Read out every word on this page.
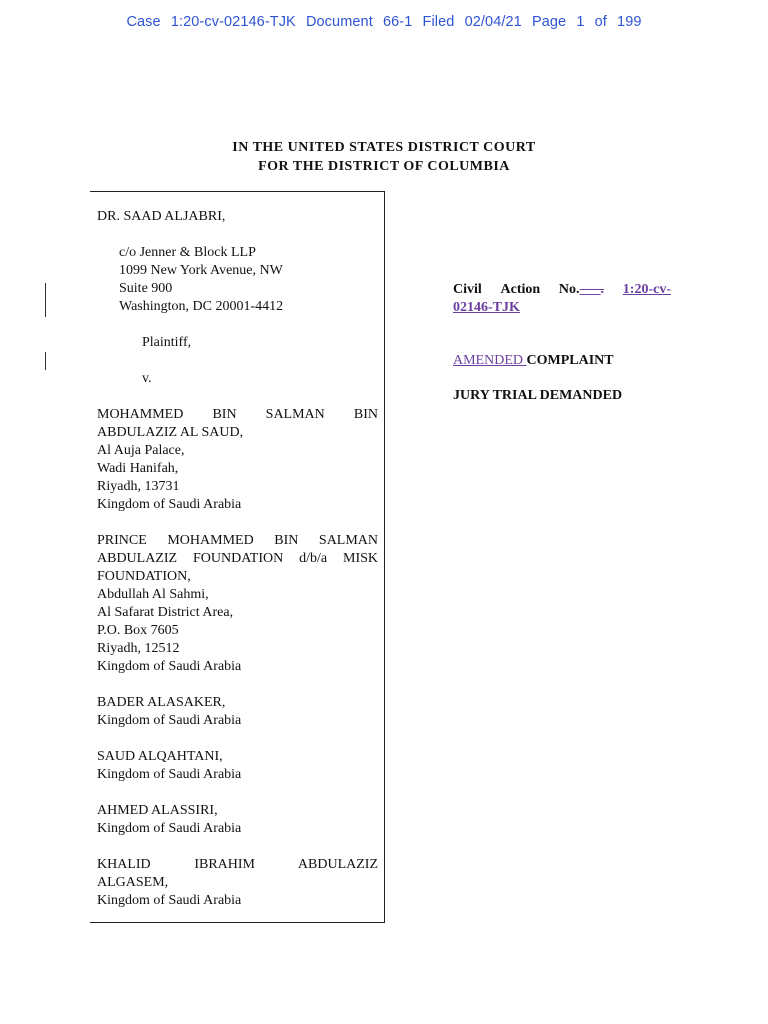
Case 1:20-cv-02146-TJK Document 66-1 Filed 02/04/21 Page 1 of 199
IN THE UNITED STATES DISTRICT COURT
FOR THE DISTRICT OF COLUMBIA

DR. SAAD ALJABRI,

c/o Jenner & Block LLP

1099 New York Avenue, NW

Suite 900

Washington, DC 20001-4412

Plaintiff,

v.

MOHAMMED BIN SALMAN BIN

ABDULAZIZ AL SAUD,

Al Auja Palace,

Wadi Hanifah,

Riyadh, 13731

Kingdom of Saudi Arabia

PRINCE MOHAMMED BIN SALMAN

ABDULAZIZ FOUNDATION d/b/a MISK

FOUNDATION,

Abdullah Al Sahmi,

Al Safarat District Area,

P.O. Box 7605

Riyadh, 12512

Kingdom of Saudi Arabia

BADER ALASAKER,

Kingdom of Saudi Arabia

SAUD ALQAHTANI,

Kingdom of Saudi Arabia

AHMED ALASSIRI,

Kingdom of Saudi Arabia

KHALID	IBRAHIM	ABDULAZIZ

ALGASEM,

Kingdom of Saudi Arabia

Civil Action No.___. 1:20-cv-
02146-TJK
AMENDED COMPLAINT
JURY TRIAL DEMANDED
